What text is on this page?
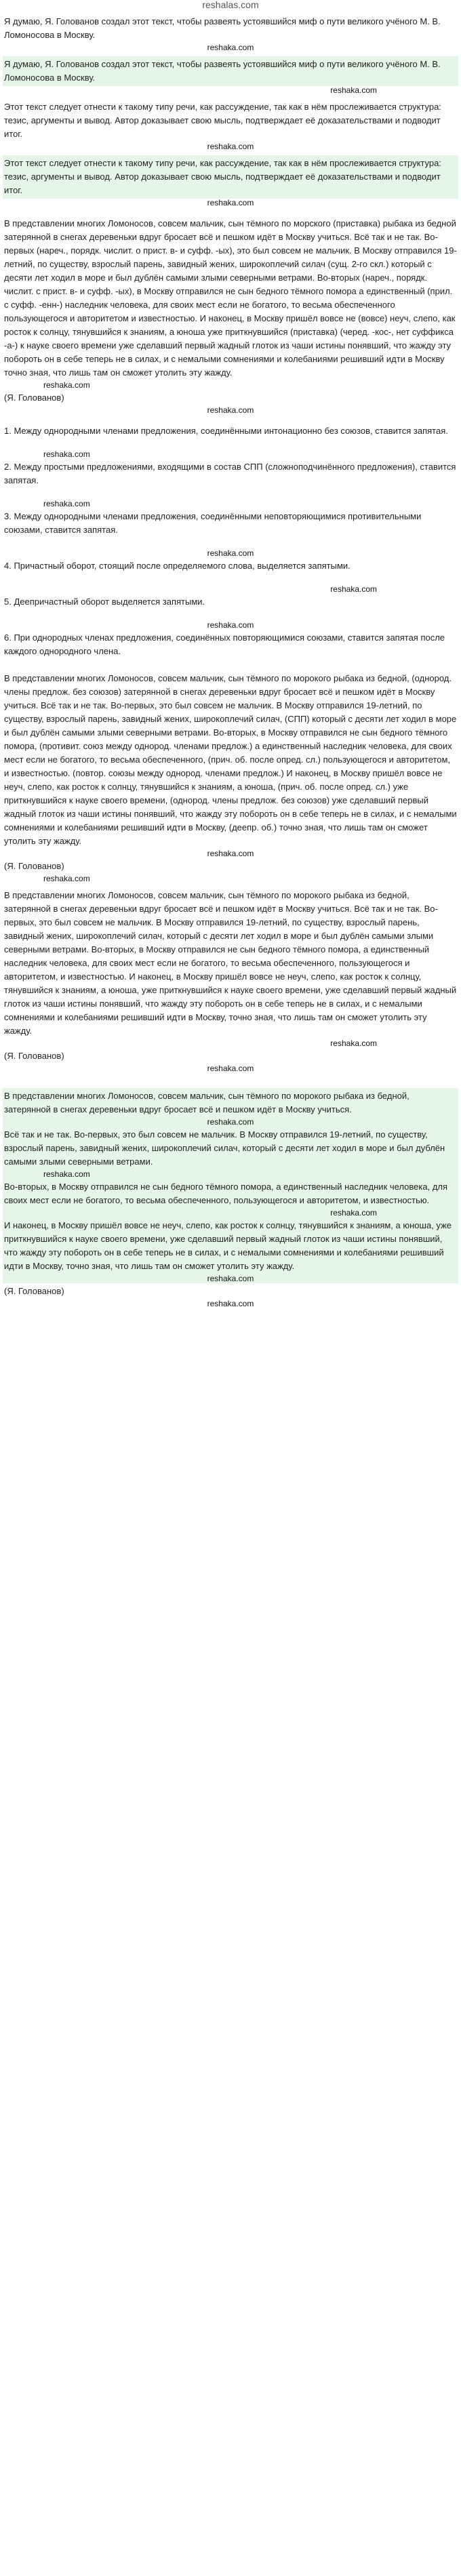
reshalas.com

Я думаю, Я. Голованов создал этот текст, чтобы развеять устоявшийся миф о пути великого учёного М. В. Ломоносова в Москву.

reshaka.com

Я думаю, Я. Голованов создал этот текст, чтобы развеять устоявшийся миф о пути великого учёного М. В. Ломоносова в Москву.

reshaka.com

Этот текст следует отнести к такому типу речи, как рассуждение, так как в нём прослеживается структура: тезис, аргументы и вывод. Автор доказывает свою мысль, подтверждает её доказательствами и подводит итог.

reshaka.com

Этот текст следует отнести к такому типу речи, как рассуждение, так как в нём прослеживается структура: тезис, аргументы и вывод. Автор доказывает свою мысль, подтверждает её доказательствами и подводит итог.

reshaka.com

В представлении многих Ломоносов, совсем мальчик, сын тёмного по морского (приставка) рыбака из бедной затерянной в снегах деревеньки вдруг бросает всё и пешком идёт в Москву учиться. Всё так и не так. Во-первых (нареч., порядк. числит. о прист. в- и суфф. -ых), это был совсем не мальчик. В Москву отправился 19-летний, по существу, взрослый парень, завидный жених, широкоплечий силач (сущ. 2-го скл.) который с десяти лет ходил в море и был дублён самыми злыми северными ветрами. Во-вторых (нареч., порядк. числит. с прист. в- и суфф. -ых), в Москву отправился не сын бедного тёмного помора а единственный (прил. с суфф. -енн-) наследник человека, для своих мест если не богатого, то весьма обеспеченного пользующегося и авторитетом и известностью. И наконец, в Москву пришёл вовсе не (вовсе) неуч, слепо, как росток к солнцу, тянувшийся к знаниям, а юноша уже приткнувшийся (приставка) (черед. -кос-, нет суффикса -а-) к науке своего времени уже сделавший первый жадный глоток из чаши истины понявший, что жажду эту побороть он в себе теперь не в силах, и с немалыми сомнениями и колебаниями решивший идти в Москву точно зная, что лишь там он сможет утолить эту жажду.

reshaka.com

(Я. Голованов)

reshaka.com

1. Между однородными членами предложения, соединёнными интонационно без союзов, ставится запятая.

reshaka.com

2. Между простыми предложениями, входящими в состав СПП (сложноподчинённого предложения), ставится запятая.

reshaka.com

3. Между однородными членами предложения, соединёнными неповторяющимися противительными союзами, ставится запятая.

reshaka.com

4. Причастный оборот, стоящий после определяемого слова, выделяется запятыми.

reshaka.com

5. Деепричастный оборот выделяется запятыми.

reshaka.com

6. При однородных членах предложения, соединённых повторяющимися союзами, ставится запятая после каждого однородного члена.

В представлении многих Ломоносов, совсем мальчик, сын тёмного по морокого рыбака из бедной, (однород. члены предлож. без союзов) затерянной в снегах деревеньки вдруг бросает всё и пешком идёт в Москву учиться. Всё так и не так. Во-первых, это был совсем не мальчик. В Москву отправился 19-летний, по существу, взрослый парень, завидный жених, широкоплечий силач, (СПП) который с десяти лет ходил в море и был дублён самыми злыми северными ветрами. Во-вторых, в Москву отправился не сын бедного тёмного помора, (противит. союз между однород. членами предлож.) а единственный наследник человека, для своих мест если не богатого, то весьма обеспеченного, (прич. об. после опред. сл.) пользующегося и авторитетом, и известностью. (повтор. союзы между однород. членами предлож.) И наконец, в Москву пришёл вовсе не неуч, слепо, как росток к солнцу, тянувшийся к знаниям, а юноша, (прич. об. после опред. сл.) уже приткнувшийся к науке своего времени, (однород. члены предлож. без союзов) уже сделавший первый жадный глоток из чаши истины понявший, что жажду эту побороть он в себе теперь не в силах, и с немалыми сомнениями и колебаниями решивший идти в Москву, (деепр. об.) точно зная, что лишь там он сможет утолить эту жажду.

reshaka.com

(Я. Голованов)

reshaka.com

В представлении многих Ломоносов, совсем мальчик, сын тёмного по морокого рыбака из бедной, затерянной в снегах деревеньки вдруг бросает всё и пешком идёт в Москву учиться. Всё так и не так. Во-первых, это был совсем не мальчик. В Москву отправился 19-летний, по существу, взрослый парень, завидный жених, широкоплечий силач, который с десяти лет ходил в море и был дублён самыми злыми северными ветрами. Во-вторых, в Москву отправился не сын бедного тёмного помора, а единственный наследник человека, для своих мест если не богатого, то весьма обеспеченного, пользующегося и авторитетом, и известностью. И наконец, в Москву пришёл вовсе не неуч, слепо, как росток к солнцу, тянувшийся к знаниям, а юноша, уже приткнувшийся к науке своего времени, уже сделавший первый жадный глоток из чаши истины понявший, что жажду эту побороть он в себе теперь не в силах, и с немалыми сомнениями и колебаниями решивший идти в Москву, точно зная, что лишь там он сможет утолить эту жажду.

reshaka.com

(Я. Голованов)

reshaka.com

В представлении многих Ломоносов, совсем мальчик, сын тёмного по морокого рыбака из бедной, затерянной в снегах деревеньки вдруг бросает всё и пешком идёт в Москву учиться.

reshaka.com

Всё так и не так. Во-первых, это был совсем не мальчик. В Москву отправился 19-летний, по существу, взрослый парень, завидный жених, широкоплечий силач, который с десяти лет ходил в море и был дублён самыми злыми северными ветрами.

reshaka.com

Во-вторых, в Москву отправился не сын бедного тёмного помора, а единственный наследник человека, для своих мест если не богатого, то весьма обеспеченного, пользующегося и авторитетом, и известностью.

reshaka.com

И наконец, в Москву пришёл вовсе не неуч, слепо, как росток к солнцу, тянувшийся к знаниям, а юноша, уже приткнувшийся к науке своего времени, уже сделавший первый жадный глоток из чаши истины понявший, что жажду эту побороть он в себе теперь не в силах, и с немалыми сомнениями и колебаниями решивший идти в Москву, точно зная, что лишь там он сможет утолить эту жажду.

reshaka.com

(Я. Голованов)

reshaka.com
